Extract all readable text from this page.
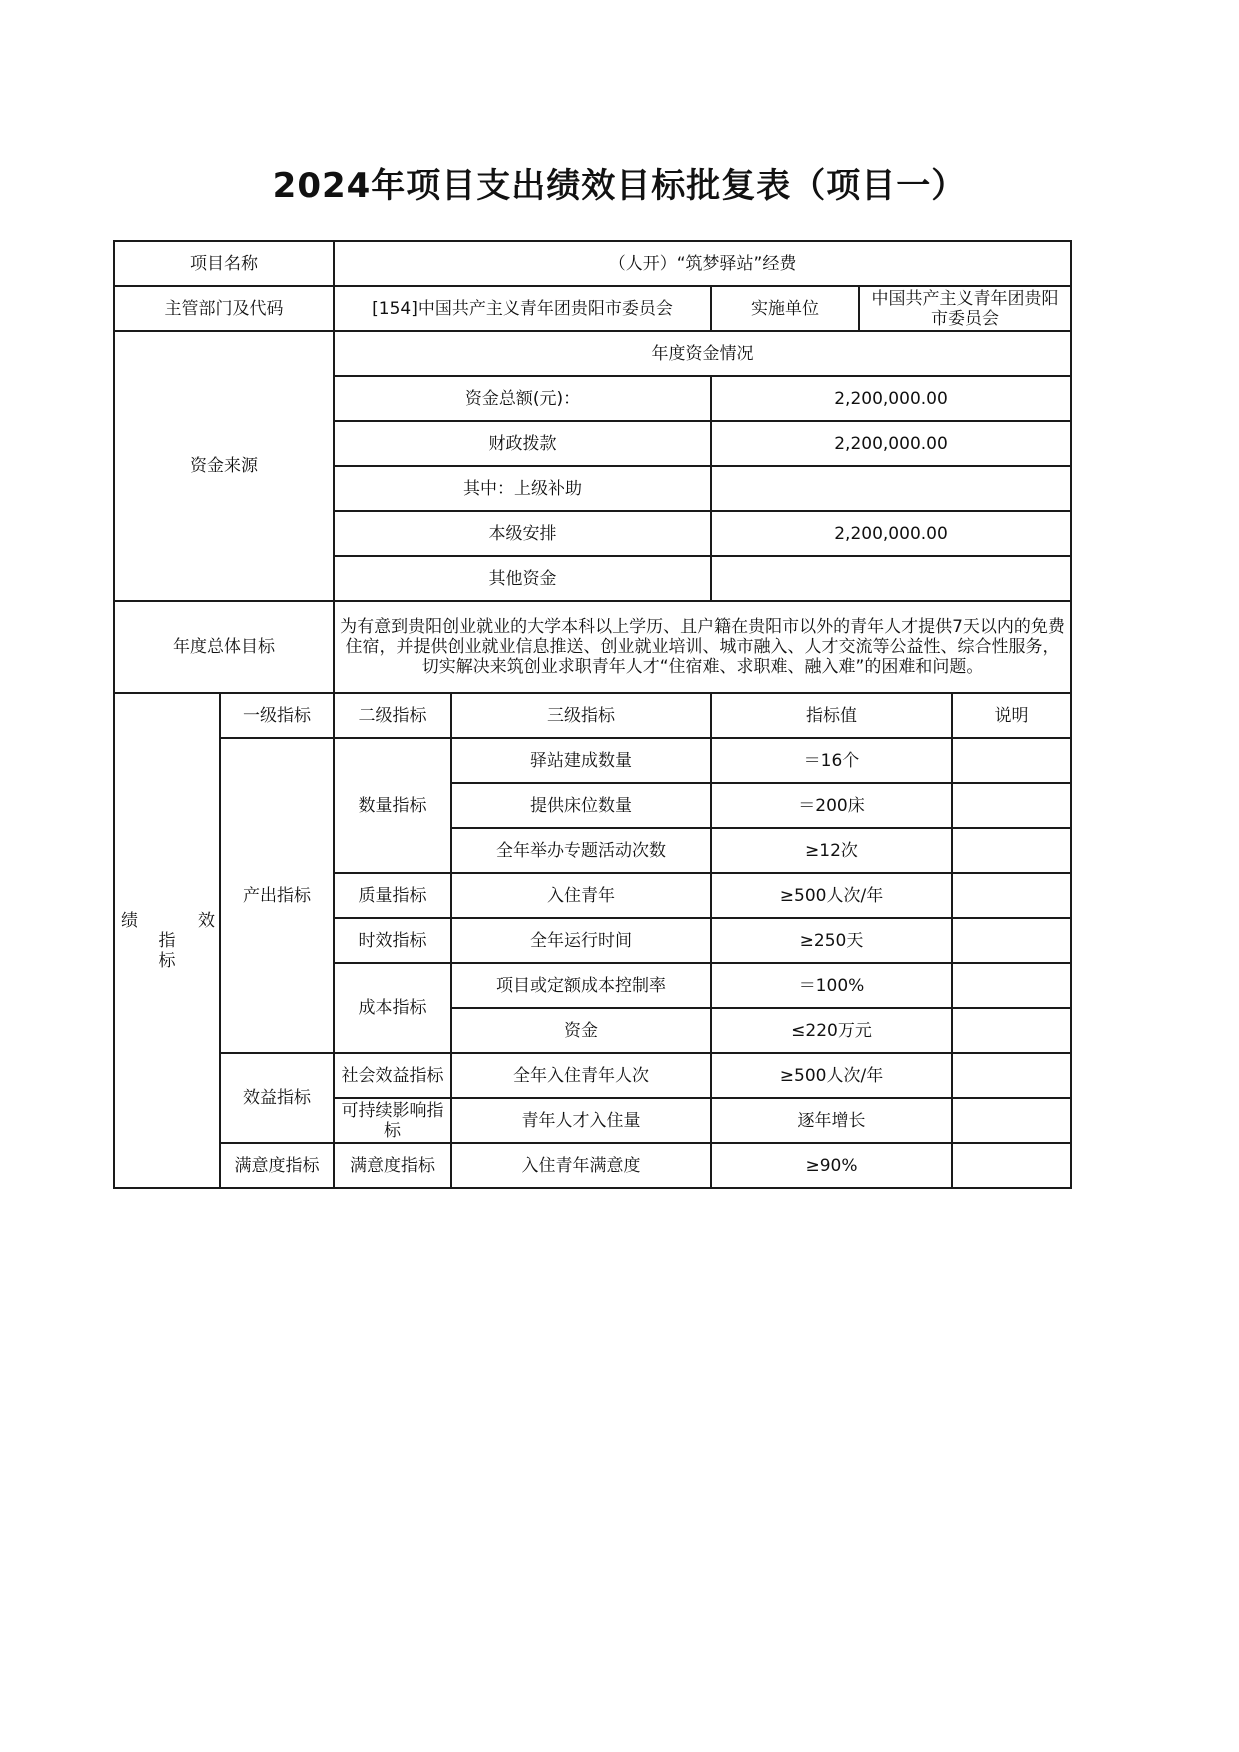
2024年项目支出绩效目标批复表（项目一）
项目名称		（人开）“筑梦驿站”经费				
主管部门及代码		[154]中国共产主义青年团贵阳市委员会		实施单位	中国共产主义青年团贵阳市委员会	
资金来源		年度资金情况				
		资金总额(元)：		2,200,000.00		
		财政拨款		2,200,000.00		
		其中：上级补助				
		本级安排		2,200,000.00		
		其他资金				
年度总体目标		为有意到贵阳创业就业的大学本科以上学历、且户籍在贵阳市以外的青年人才提供7天以内的免费住宿，并提供创业就业信息推送、创业就业培训、城市融入、人才交流等公益性、综合性服务，切实解决来筑创业求职青年人才“住宿难、求职难、融入难”的困难和问题。				

绩 效
指
标	一级指标	二级指标	三级指标	指标值		说明
	产出指标	数量指标	驿站建成数量	＝16个		
			提供床位数量	＝200床		
			全年举办专题活动次数	≥12次		
		质量指标	入住青年	≥500人次/年		
		时效指标	全年运行时间	≥250天		
		成本指标	项目或定额成本控制率	＝100%		
			资金	≤220万元		
	效益指标	社会效益指标	全年入住青年人次	≥500人次/年		
		可持续影响指标	青年人才入住量	逐年增长		
	满意度指标	满意度指标	入住青年满意度	≥90%		
